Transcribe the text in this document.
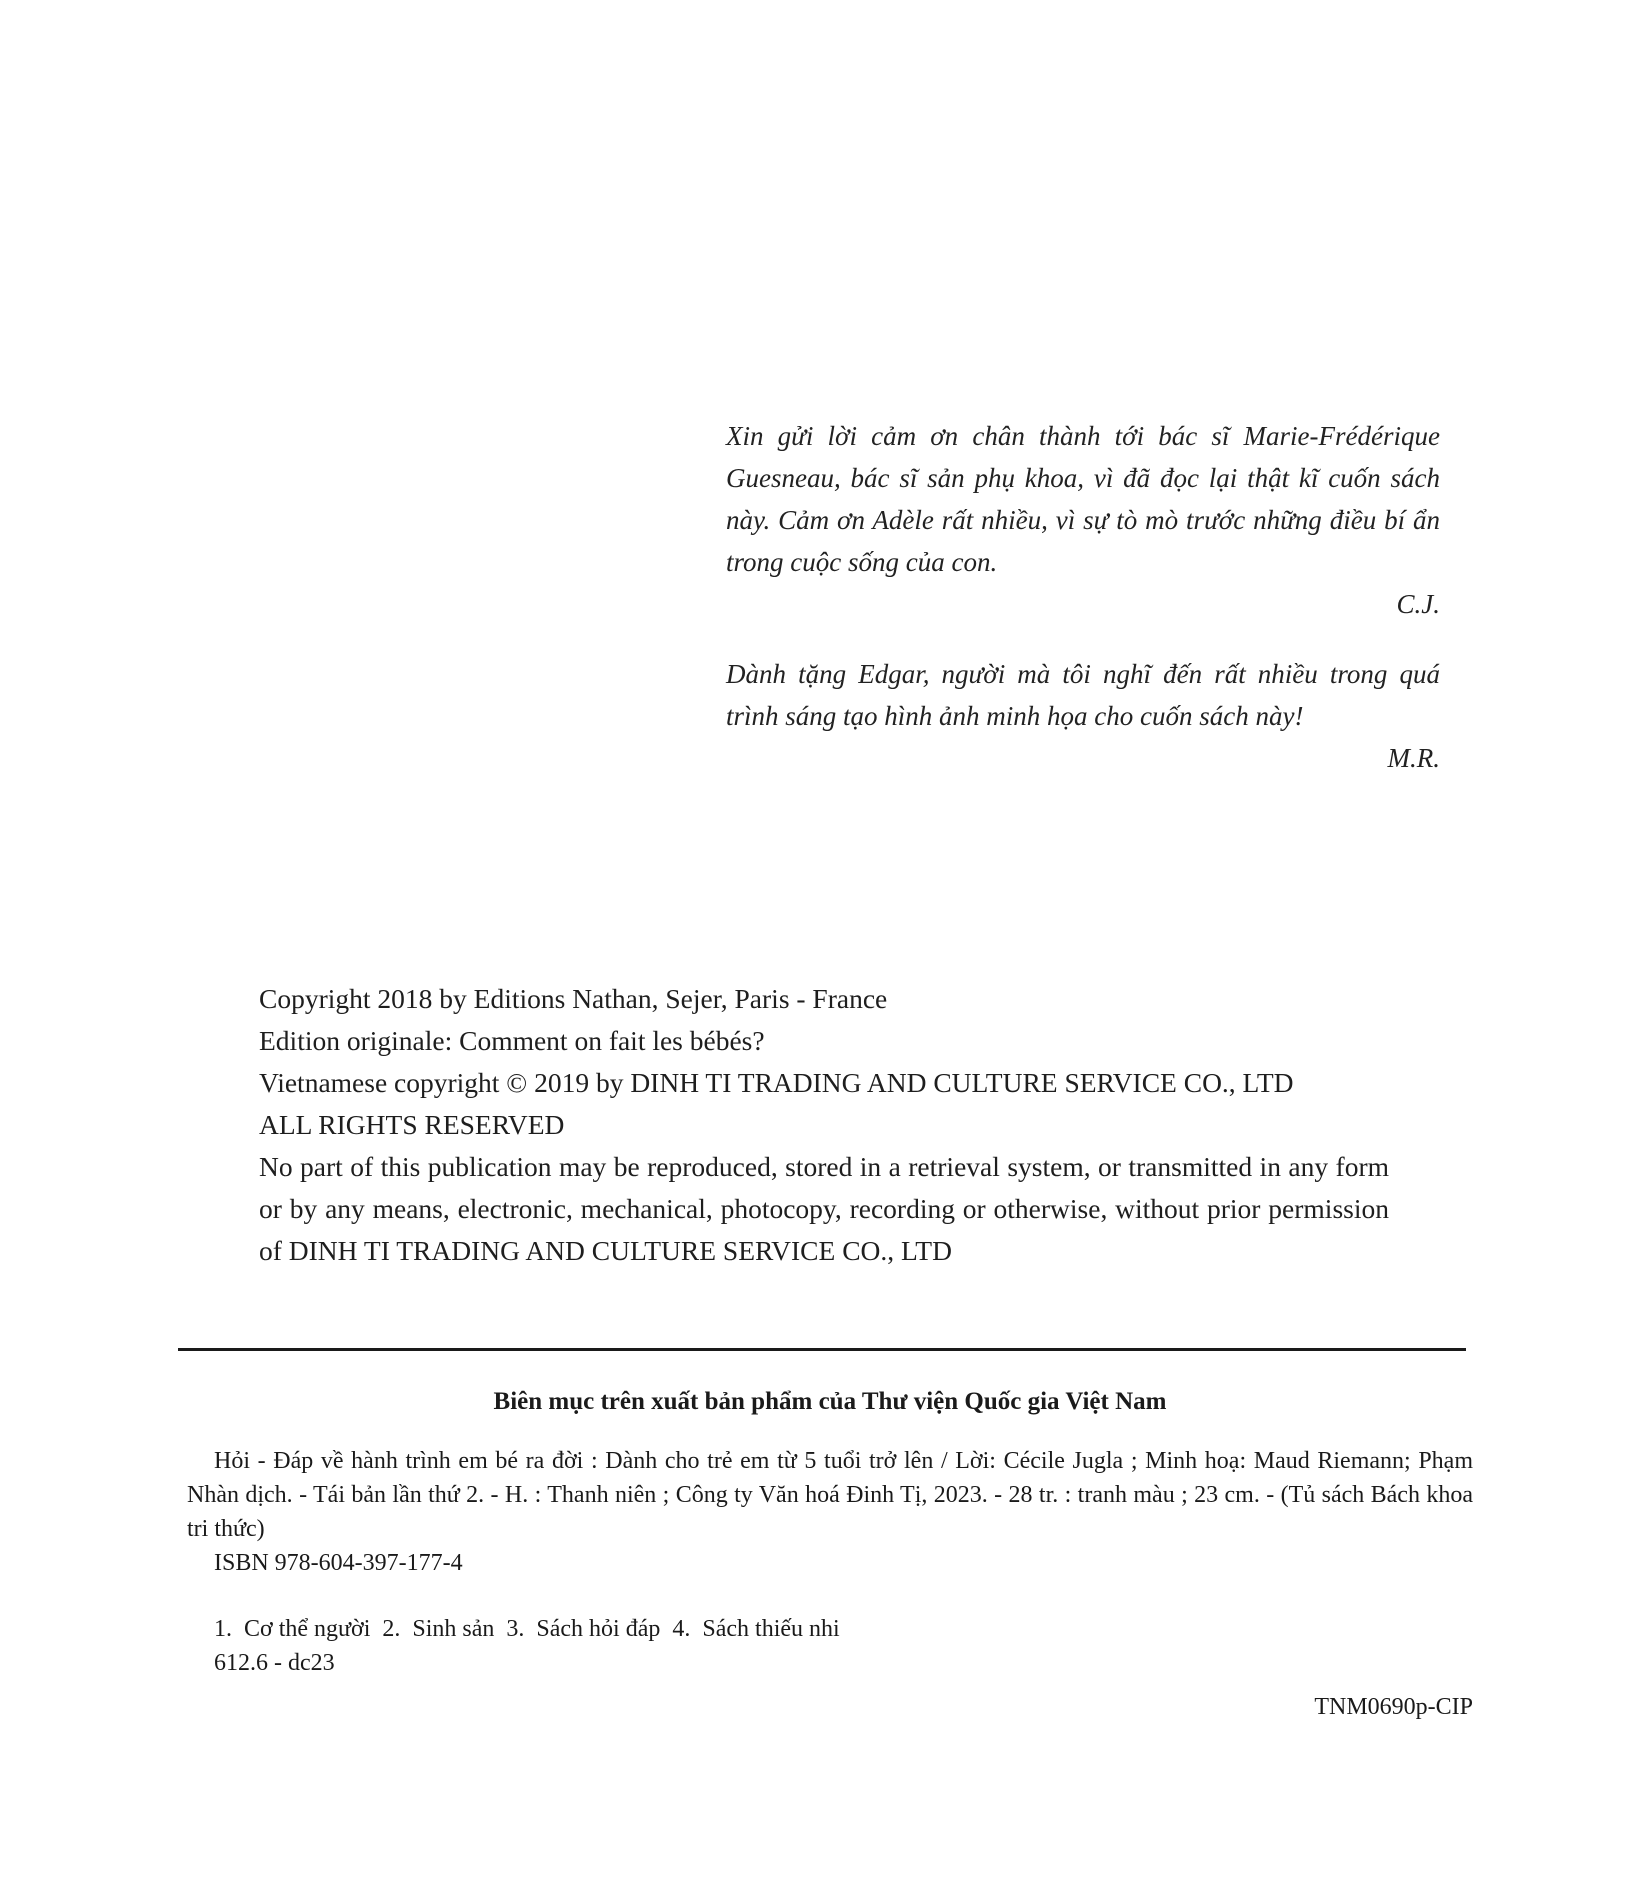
Xin gửi lời cảm ơn chân thành tới bác sĩ Marie-Frédérique Guesneau, bác sĩ sản phụ khoa, vì đã đọc lại thật kĩ cuốn sách này. Cảm ơn Adèle rất nhiều, vì sự tò mò trước những điều bí ẩn trong cuộc sống của con.

C.J.

Dành tặng Edgar, người mà tôi nghĩ đến rất nhiều trong quá trình sáng tạo hình ảnh minh họa cho cuốn sách này!

M.R.

Copyright 2018 by Editions Nathan, Sejer, Paris - France
Edition originale: Comment on fait les bébés?
Vietnamese copyright © 2019 by DINH TI TRADING AND CULTURE SERVICE CO., LTD
ALL RIGHTS RESERVED

No part of this publication may be reproduced, stored in a retrieval system, or transmitted in any form or by any means, electronic, mechanical, photocopy, recording or otherwise, without prior permission of DINH TI TRADING AND CULTURE SERVICE CO., LTD

Biên mục trên xuất bản phẩm của Thư viện Quốc gia Việt Nam

Hỏi - Đáp về hành trình em bé ra đời : Dành cho trẻ em từ 5 tuổi trở lên / Lời: Cécile Jugla ; Minh hoạ: Maud Riemann; Phạm Nhàn dịch. - Tái bản lần thứ 2. - H. : Thanh niên ; Công ty Văn hoá Đinh Tị, 2023. - 28 tr. : tranh màu ; 23 cm. - (Tủ sách Bách khoa tri thức)

ISBN 978-604-397-177-4

1.  Cơ thể người  2.  Sinh sản  3.  Sách hỏi đáp  4.  Sách thiếu nhi

612.6 - dc23

TNM0690p-CIP
